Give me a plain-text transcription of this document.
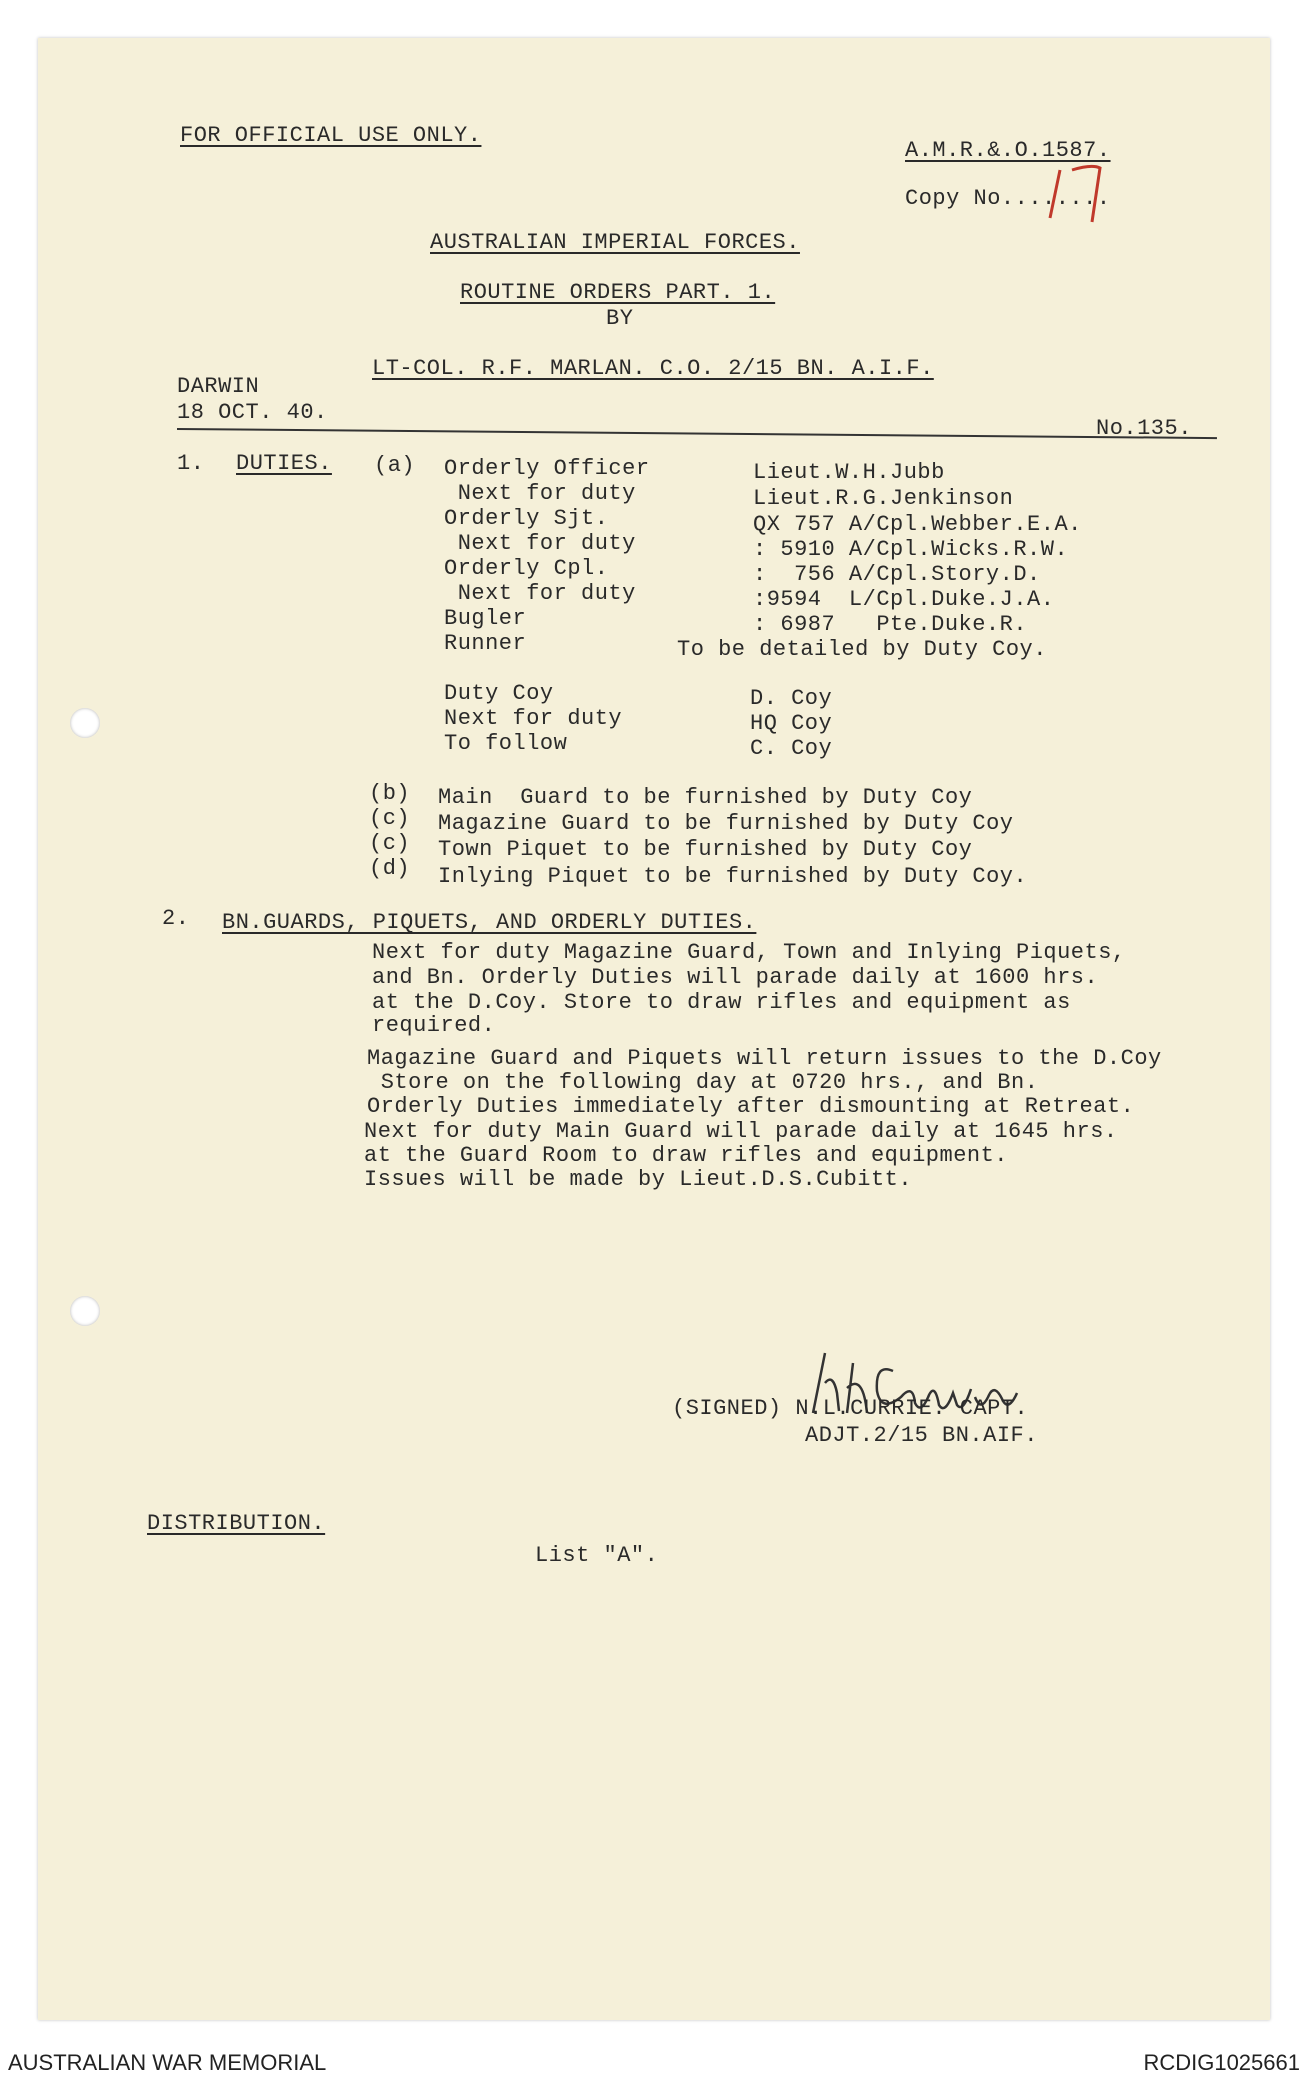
FOR OFFICIAL USE ONLY.
A.M.R.&.O.1587.
Copy No........
AUSTRALIAN IMPERIAL FORCES.
ROUTINE ORDERS PART. 1.
BY
LT-COL. R.F. MARLAN. C.O. 2/15 BN. A.I.F.
DARWIN
18 OCT. 40.
No.135.
1. DUTIES. (a) Orderly Officer	Lieut.W.H.Jubb
Next for duty	Lieut.R.G.Jenkinson
Orderly Sjt.	QX 757 A/Cpl.Webber.E.A.
Next for duty	: 5910 A/Cpl.Wicks.R.W.
Orderly Cpl.	:  756 A/Cpl.Story.D.
Next for duty	:9594  L/Cpl.Duke.J.A.
Bugler	: 6987   Pte.Duke.R.
Runner	To be detailed by Duty Coy.
Duty Coy	D. Coy
Next for duty	HQ Coy
To follow	C. Coy
(b) Main  Guard to be furnished by Duty Coy
(c) Magazine Guard to be furnished by Duty Coy
(c) Town Piquet to be furnished by Duty Coy
(d) Inlying Piquet to be furnished by Duty Coy.
2. BN.GUARDS, PIQUETS, AND ORDERLY DUTIES.
Next for duty Magazine Guard, Town and Inlying Piquets,
and Bn. Orderly Duties will parade daily at 1600 hrs.
at the D.Coy. Store to draw rifles and equipment as
required.
Magazine Guard and Piquets will return issues to the D.Coy
Store on the following day at 0720 hrs., and Bn.
Orderly Duties immediately after dismounting at Retreat.
Next for duty Main Guard will parade daily at 1645 hrs.
at the Guard Room to draw rifles and equipment.
Issues will be made by Lieut.D.S.Cubitt.
(SIGNED) N.L.CURRIE. CAPT.
ADJT.2/15 BN.AIF.
DISTRIBUTION.
List "A".
AUSTRALIAN WAR MEMORIAL	RCDIG1025661
